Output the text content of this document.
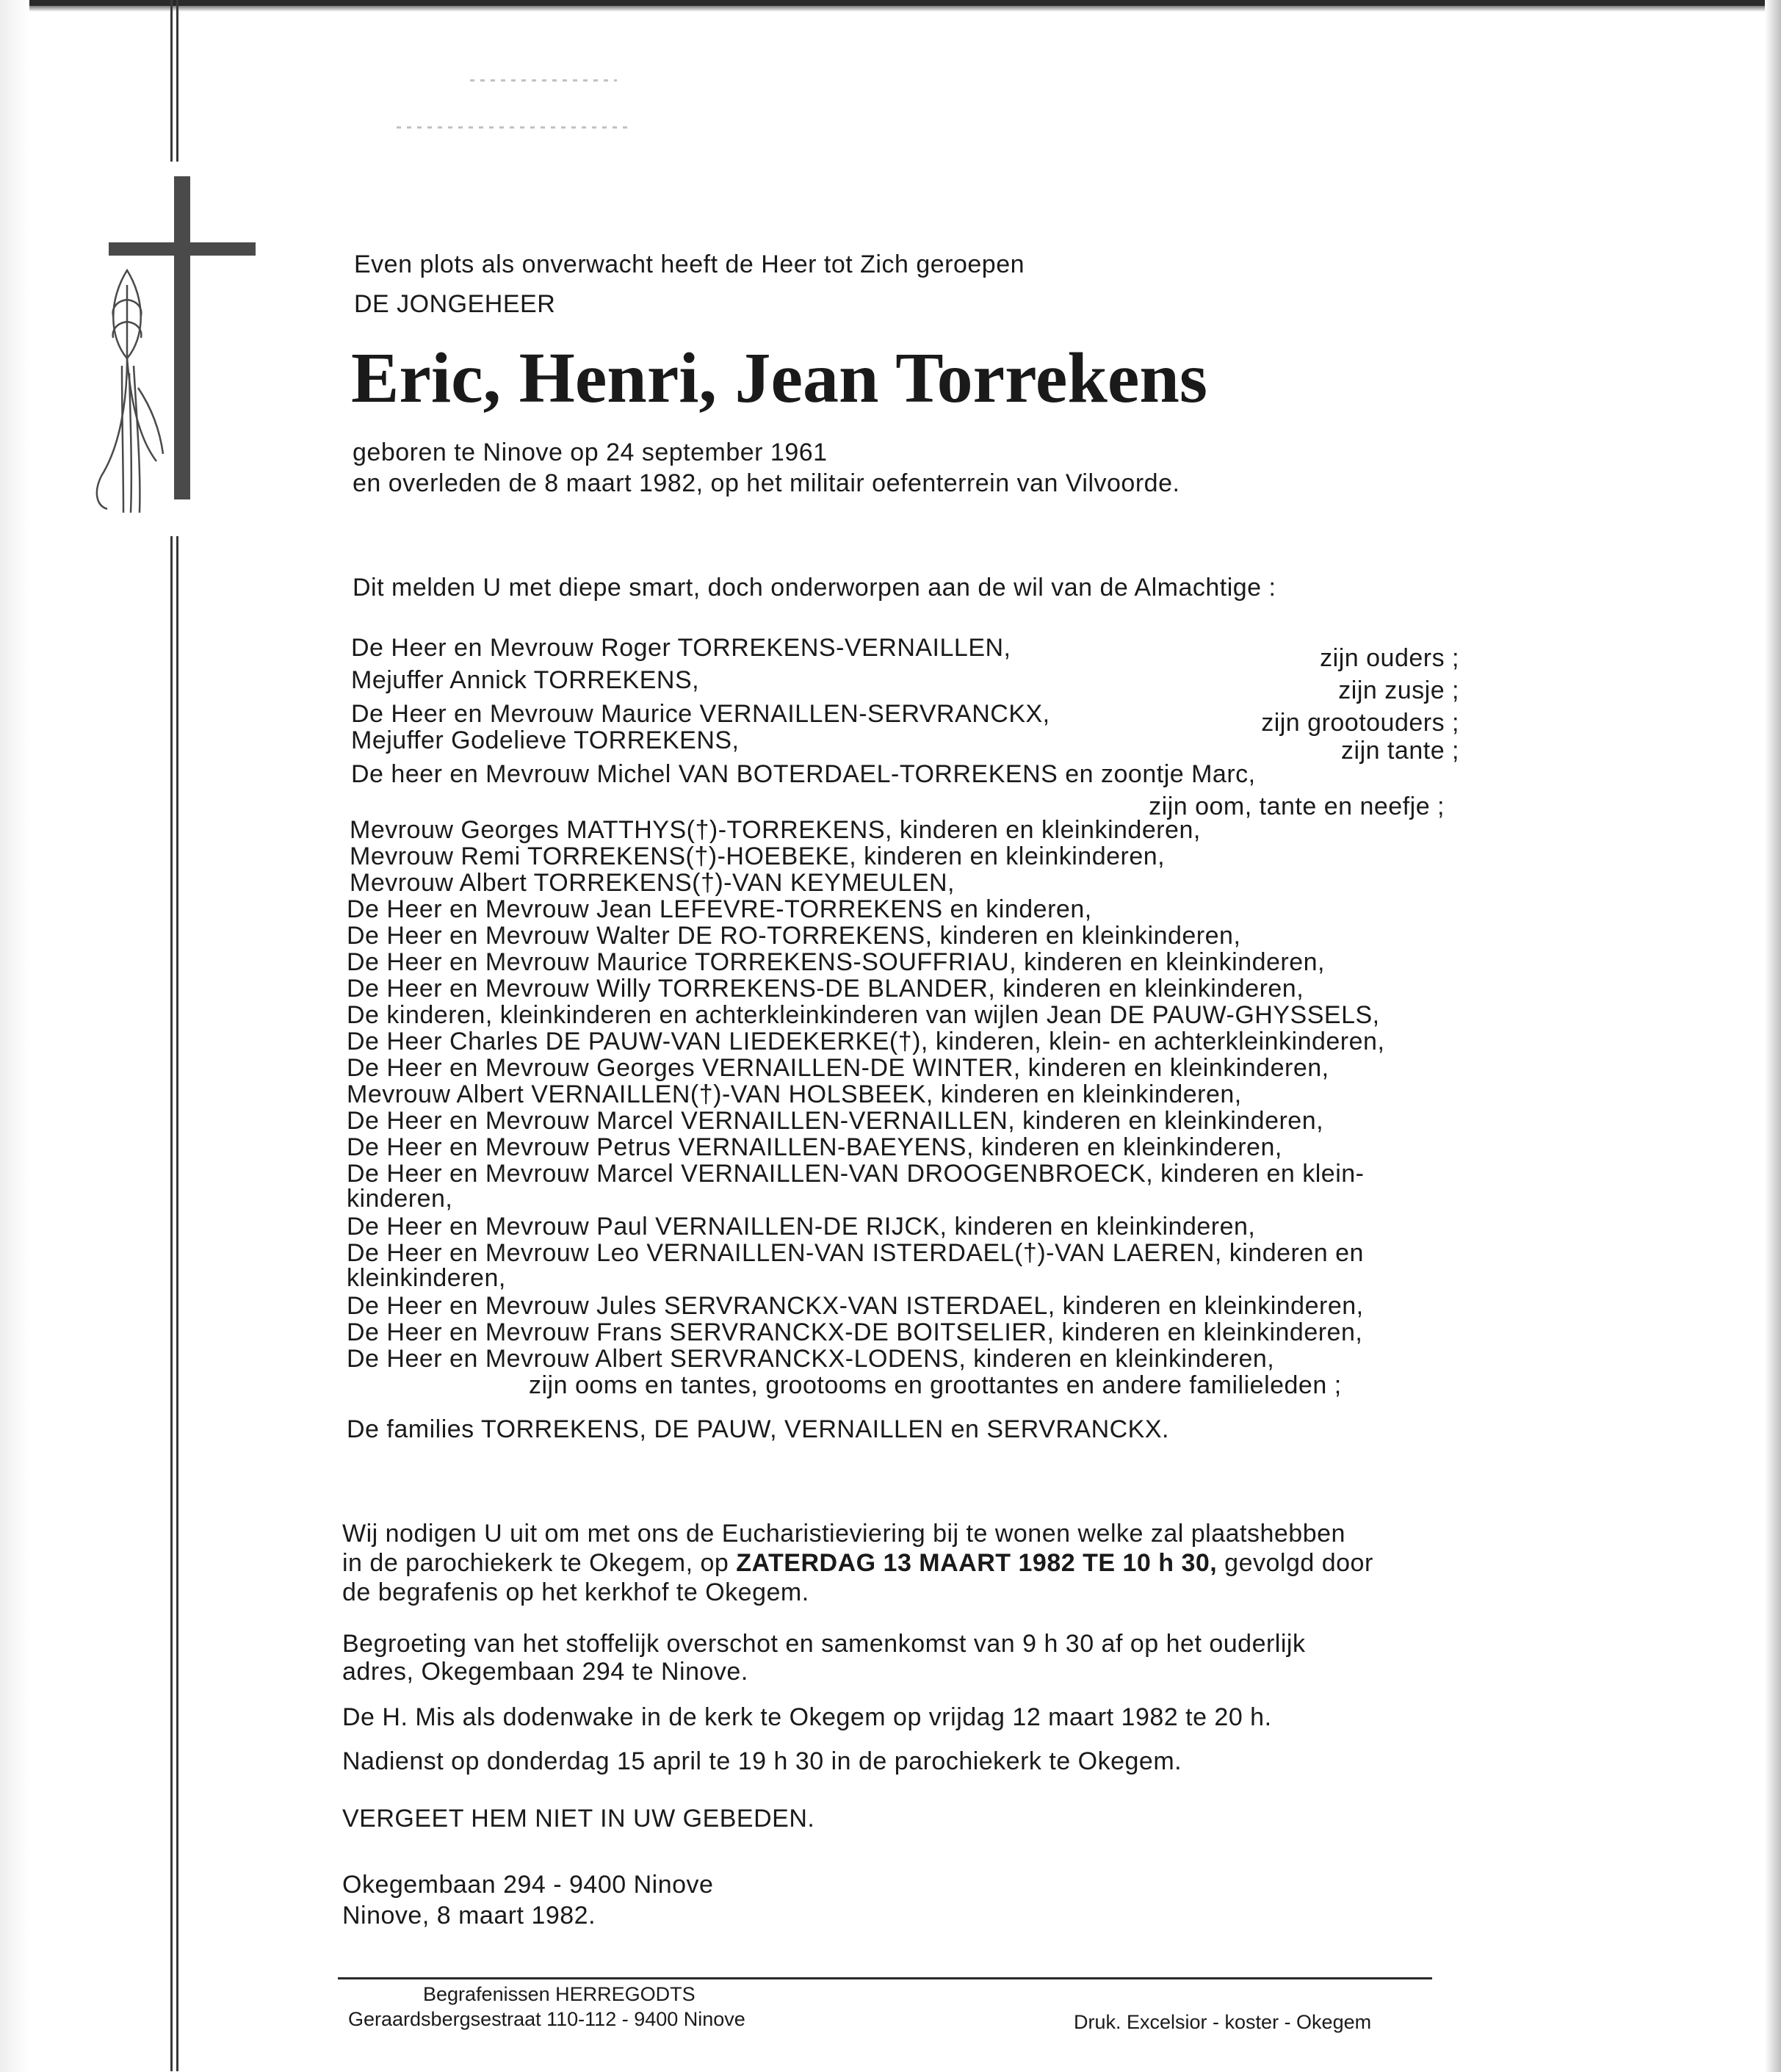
Even plots als onverwacht heeft de Heer tot Zich geroepen
DE JONGEHEER
Eric, Henri, Jean Torrekens
geboren te Ninove op 24 september 1961
en overleden de 8 maart 1982, op het militair oefenterrein van Vilvoorde.
Dit melden U met diepe smart, doch onderworpen aan de wil van de Almachtige :
De Heer en Mevrouw Roger TORREKENS-VERNAILLEN,	zijn ouders ;
Mejuffer Annick TORREKENS,	zijn zusje ;
De Heer en Mevrouw Maurice VERNAILLEN-SERVRANCKX,	zijn grootouders ;
Mejuffer Godelieve TORREKENS,	zijn tante ;
De heer en Mevrouw Michel VAN BOTERDAEL-TORREKENS en zoontje Marc,
zijn oom, tante en neefje ;
Mevrouw Georges MATTHYS(†)-TORREKENS, kinderen en kleinkinderen,
Mevrouw Remi TORREKENS(†)-HOEBEKE, kinderen en kleinkinderen,
Mevrouw Albert TORREKENS(†)-VAN KEYMEULEN,
De Heer en Mevrouw Jean LEFEVRE-TORREKENS en kinderen,
De Heer en Mevrouw Walter DE RO-TORREKENS, kinderen en kleinkinderen,
De Heer en Mevrouw Maurice TORREKENS-SOUFFRIAU, kinderen en kleinkinderen,
De Heer en Mevrouw Willy TORREKENS-DE BLANDER, kinderen en kleinkinderen,
De kinderen, kleinkinderen en achterkleinkinderen van wijlen Jean DE PAUW-GHYSSELS,
De Heer Charles DE PAUW-VAN LIEDEKERKE(†), kinderen, klein- en achterkleinkinderen,
De Heer en Mevrouw Georges VERNAILLEN-DE WINTER, kinderen en kleinkinderen,
Mevrouw Albert VERNAILLEN(†)-VAN HOLSBEEK, kinderen en kleinkinderen,
De Heer en Mevrouw Marcel VERNAILLEN-VERNAILLEN, kinderen en kleinkinderen,
De Heer en Mevrouw Petrus VERNAILLEN-BAEYENS, kinderen en kleinkinderen,
De Heer en Mevrouw Marcel VERNAILLEN-VAN DROOGENBROECK, kinderen en klein-
kinderen,
De Heer en Mevrouw Paul VERNAILLEN-DE RIJCK, kinderen en kleinkinderen,
De Heer en Mevrouw Leo VERNAILLEN-VAN ISTERDAEL(†)-VAN LAEREN, kinderen en
kleinkinderen,
De Heer en Mevrouw Jules SERVRANCKX-VAN ISTERDAEL, kinderen en kleinkinderen,
De Heer en Mevrouw Frans SERVRANCKX-DE BOITSELIER, kinderen en kleinkinderen,
De Heer en Mevrouw Albert SERVRANCKX-LODENS, kinderen en kleinkinderen,
zijn ooms en tantes, grootooms en groottantes en andere familieleden ;
De families TORREKENS, DE PAUW, VERNAILLEN en SERVRANCKX.
Wij nodigen U uit om met ons de Eucharistieviering bij te wonen welke zal plaatshebben
in de parochiekerk te Okegem, op ZATERDAG 13 MAART 1982 TE 10 h 30, gevolgd door
de begrafenis op het kerkhof te Okegem.
Begroeting van het stoffelijk overschot en samenkomst van 9 h 30 af op het ouderlijk
adres, Okegembaan 294 te Ninove.
De H. Mis als dodenwake in de kerk te Okegem op vrijdag 12 maart 1982 te 20 h.
Nadienst op donderdag 15 april te 19 h 30 in de parochiekerk te Okegem.
VERGEET HEM NIET IN UW GEBEDEN.
Okegembaan 294 - 9400 Ninove
Ninove, 8 maart 1982.
Begrafenissen HERREGODTS
Geraardsbergsestraat 110-112 - 9400 Ninove	Druk. Excelsior - koster - Okegem
